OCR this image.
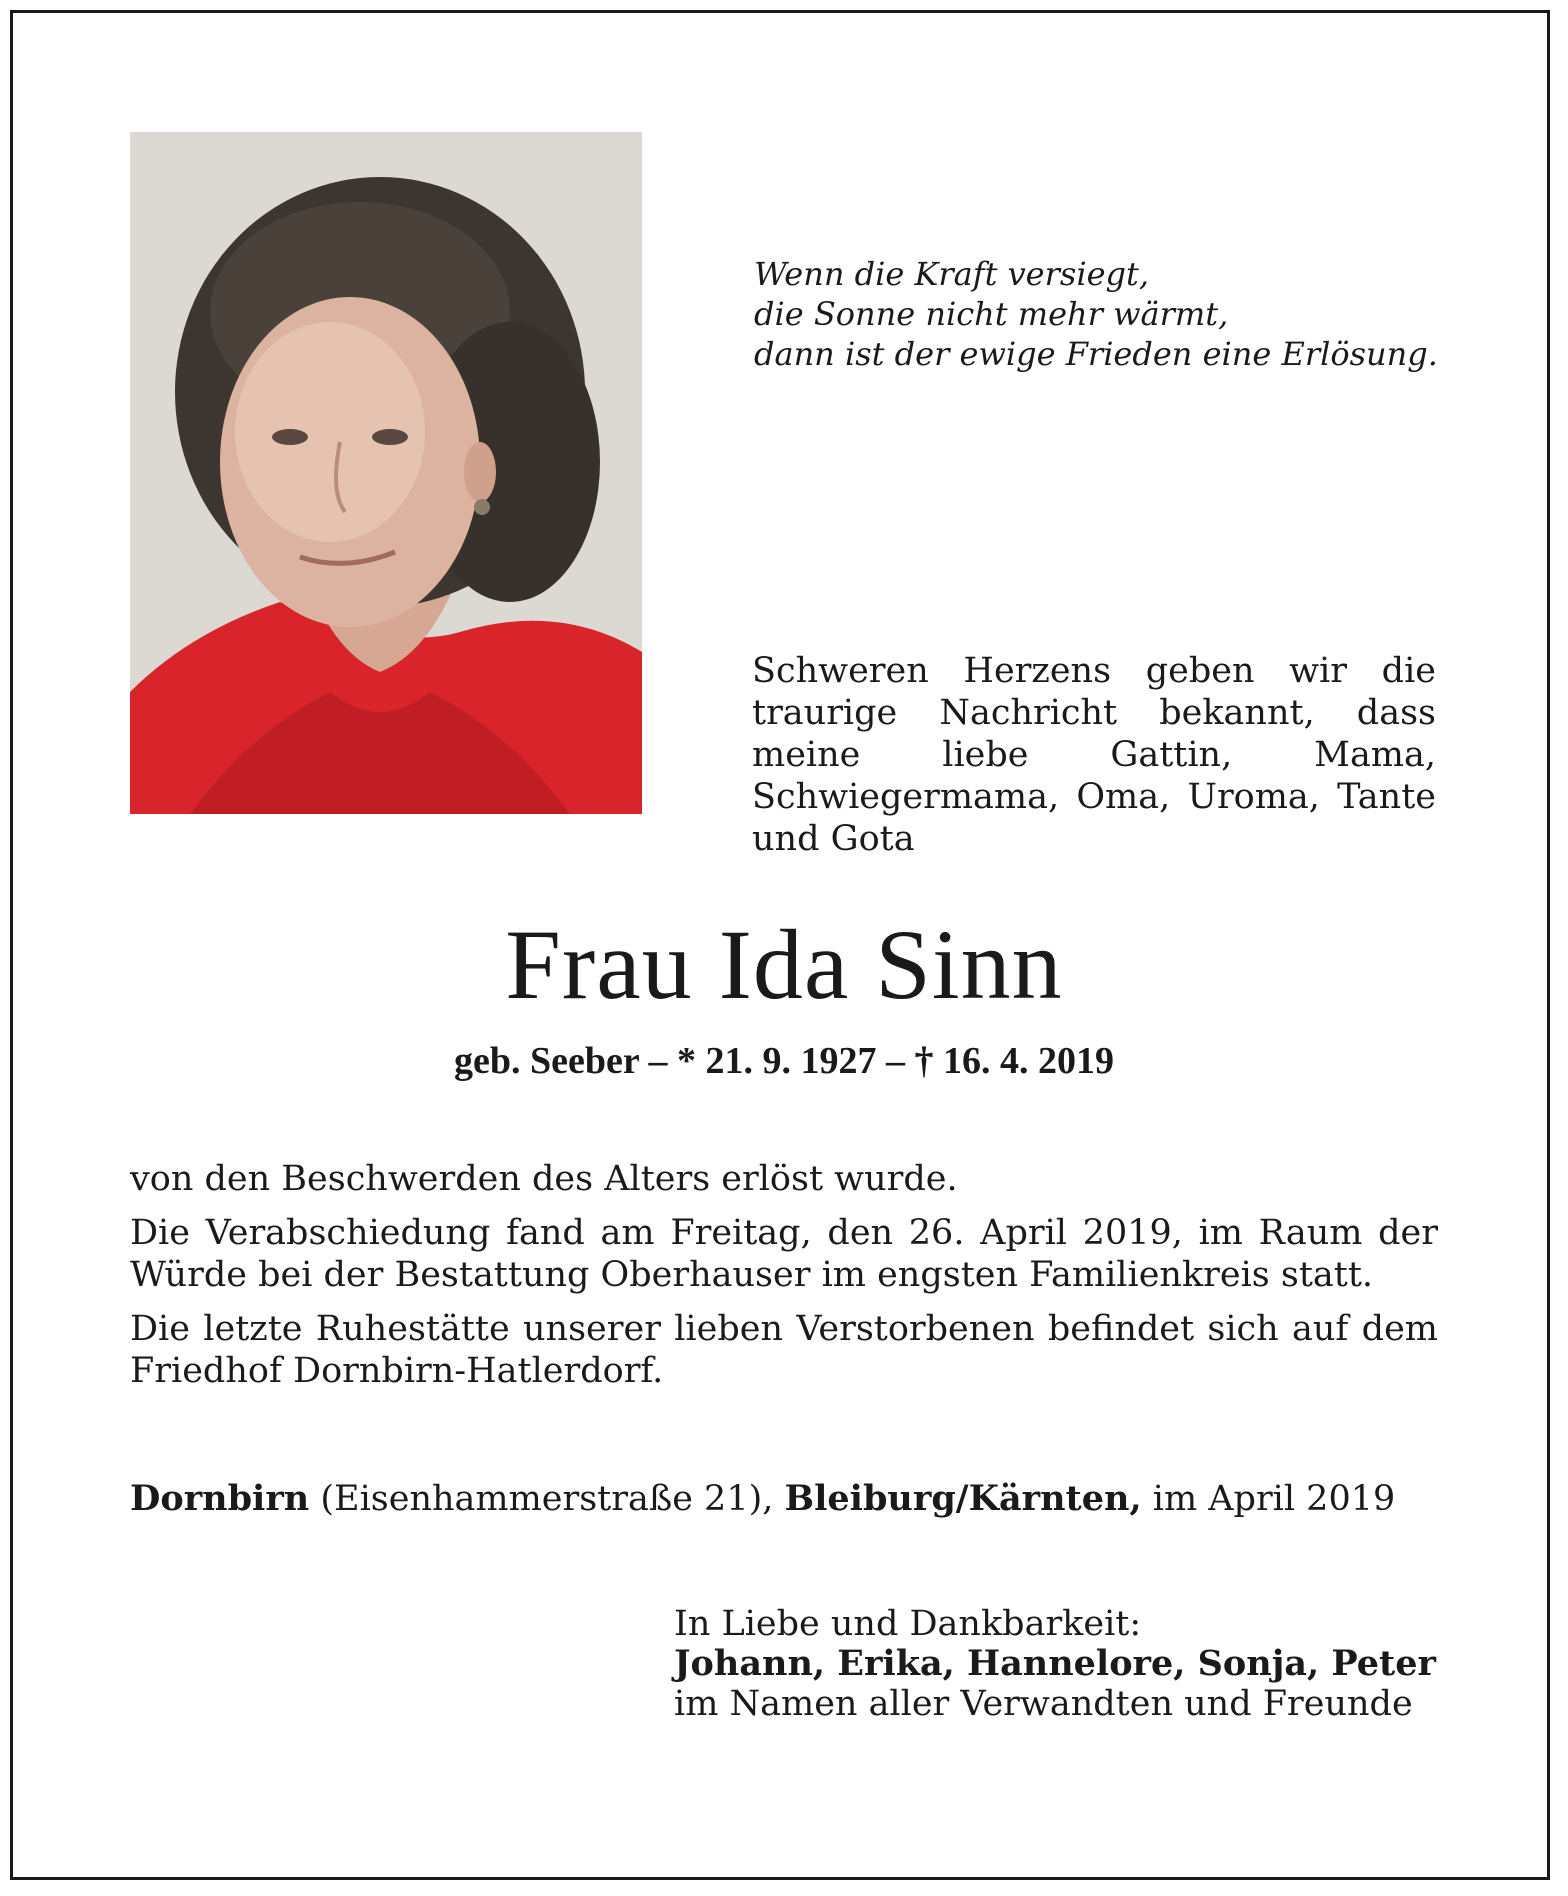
Wenn die Kraft versiegt,
die Sonne nicht mehr wärmt,
dann ist der ewige Frieden eine Erlösung.
Schweren Herzens geben wir die traurige Nachricht bekannt, dass meine liebe Gattin, Mama, Schwiegermama, Oma, Uroma, Tante und Gota
Frau Ida Sinn
geb. Seeber – * 21. 9. 1927 – † 16. 4. 2019

von den Beschwerden des Alters erlöst wurde.

Die Verabschiedung fand am Freitag, den 26. April 2019, im Raum der Würde bei der Bestattung Oberhauser im engsten Familienkreis statt.

Die letzte Ruhestätte unserer lieben Verstorbenen befindet sich auf dem Friedhof Dornbirn-Hatlerdorf.

Dornbirn (Eisenhammerstraße 21), Bleiburg/Kärnten, im April 2019
In Liebe und Dankbarkeit:
Johann, Erika, Hannelore, Sonja, Peter
im Namen aller Verwandten und Freunde
